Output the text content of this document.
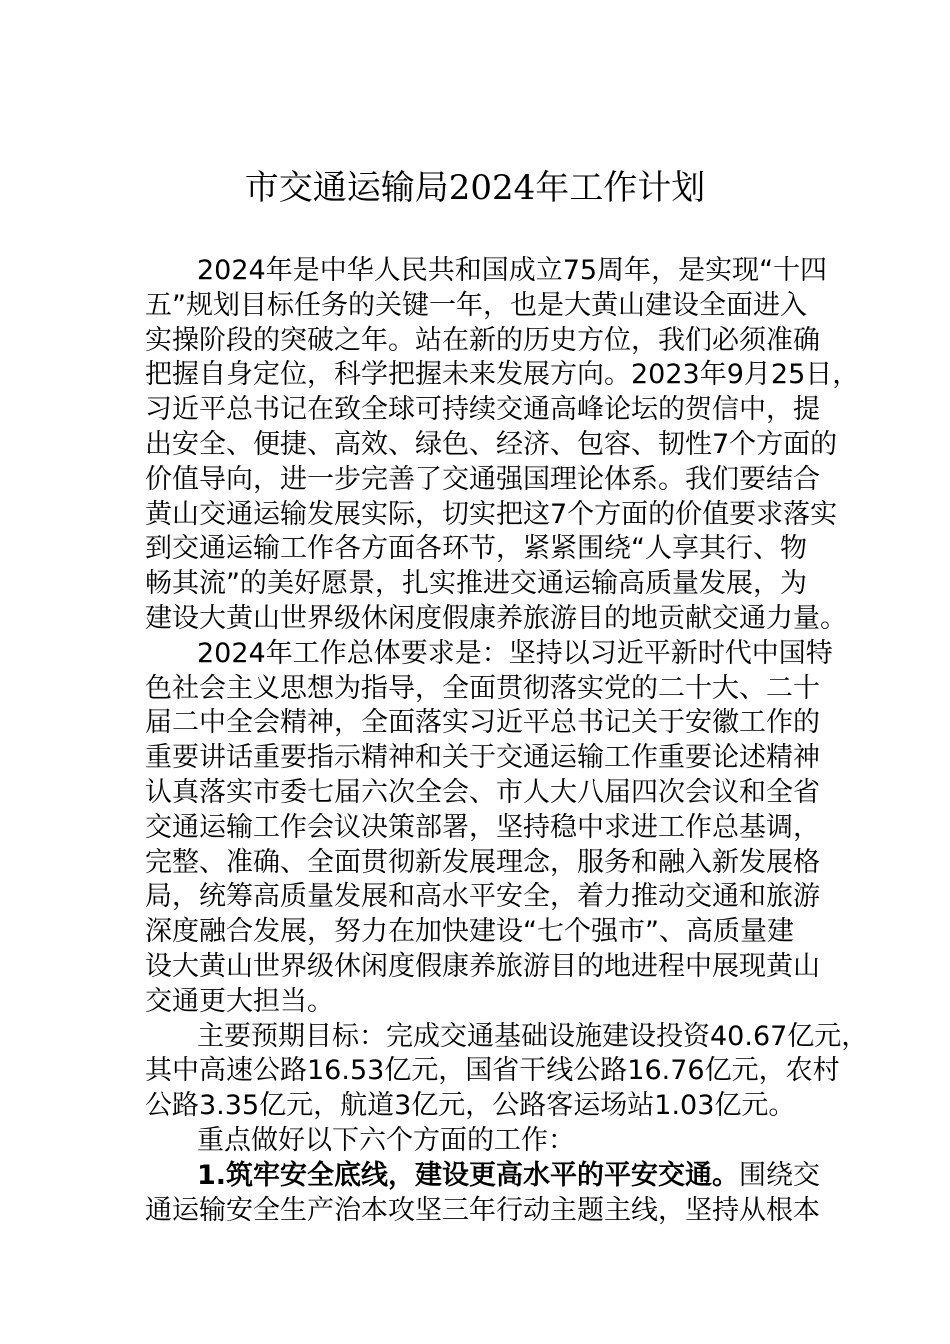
市交通运输局2024年工作计划
2024年是中华人民共和国成立75周年，是实现“十四
五”规划目标任务的关键一年，也是大黄山建设全面进入
实操阶段的突破之年。站在新的历史方位，我们必须准确
把握自身定位，科学把握未来发展方向。2023年9月25日，
习近平总书记在致全球可持续交通高峰论坛的贺信中，提
出安全、便捷、高效、绿色、经济、包容、韧性7个方面的
价值导向，进一步完善了交通强国理论体系。我们要结合
黄山交通运输发展实际，切实把这7个方面的价值要求落实
到交通运输工作各方面各环节，紧紧围绕“人享其行、物
畅其流”的美好愿景，扎实推进交通运输高质量发展，为
建设大黄山世界级休闲度假康养旅游目的地贡献交通力量。
2024年工作总体要求是：坚持以习近平新时代中国特
色社会主义思想为指导，全面贯彻落实党的二十大、二十
届二中全会精神，全面落实习近平总书记关于安徽工作的
重要讲话重要指示精神和关于交通运输工作重要论述精神
认真落实市委七届六次全会、市人大八届四次会议和全省
交通运输工作会议决策部署，坚持稳中求进工作总基调，
完整、准确、全面贯彻新发展理念，服务和融入新发展格
局，统筹高质量发展和高水平安全，着力推动交通和旅游
深度融合发展，努力在加快建设“七个强市”、高质量建
设大黄山世界级休闲度假康养旅游目的地进程中展现黄山
交通更大担当。
主要预期目标：完成交通基础设施建设投资40.67亿元，
其中高速公路16.53亿元，国省干线公路16.76亿元，农村
公路3.35亿元，航道3亿元，公路客运场站1.03亿元。
重点做好以下六个方面的工作：
1.筑牢安全底线，建设更高水平的平安交通。围绕交
通运输安全生产治本攻坚三年行动主题主线，坚持从根本
